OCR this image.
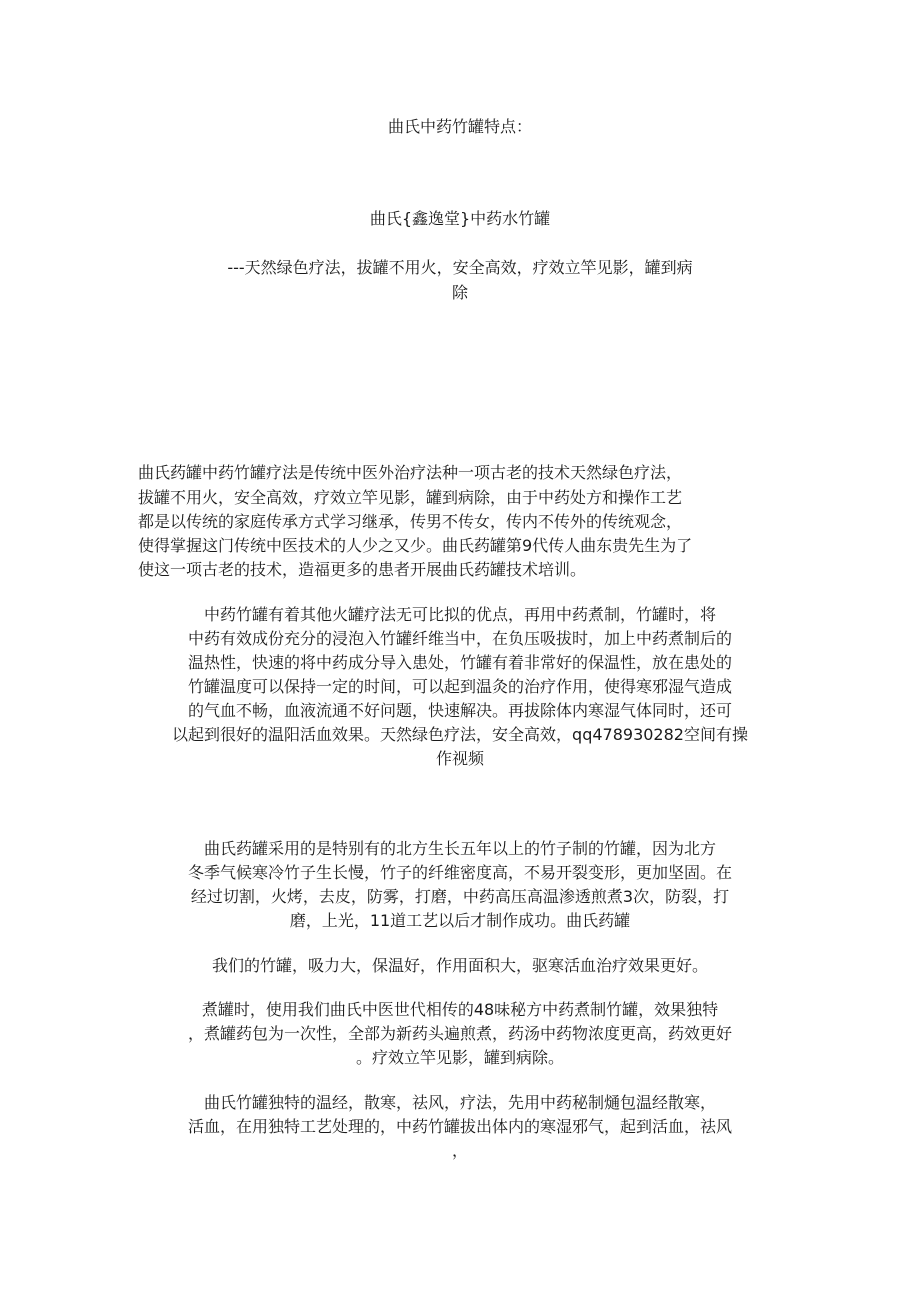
曲氏中药竹罐特点：

曲氏{鑫逸堂}中药水竹罐

---天然绿色疗法，拔罐不用火，安全高效，疗效立竿见影，罐到病

除

曲氏药罐中药竹罐疗法是传统中医外治疗法种一项古老的技术天然绿色疗法，

拔罐不用火，安全高效，疗效立竿见影，罐到病除，由于中药处方和操作工艺

都是以传统的家庭传承方式学习继承，传男不传女，传内不传外的传统观念，

使得掌握这门传统中医技术的人少之又少。曲氏药罐第9代传人曲东贵先生为了

使这一项古老的技术，造福更多的患者开展曲氏药罐技术培训。

中药竹罐有着其他火罐疗法无可比拟的优点，再用中药煮制，竹罐时，将

中药有效成份充分的浸泡入竹罐纤维当中，在负压吸拔时，加上中药煮制后的

温热性，快速的将中药成分导入患处，竹罐有着非常好的保温性，放在患处的

竹罐温度可以保持一定的时间，可以起到温灸的治疗作用，使得寒邪湿气造成

的气血不畅，血液流通不好问题，快速解决。再拔除体内寒湿气体同时，还可

以起到很好的温阳活血效果。天然绿色疗法，安全高效，qq478930282空间有操

作视频

曲氏药罐采用的是特别有的北方生长五年以上的竹子制的竹罐，因为北方

冬季气候寒冷竹子生长慢，竹子的纤维密度高，不易开裂变形，更加坚固。在

经过切割，火烤，去皮，防雾，打磨，中药高压高温渗透煎煮3次，防裂，打

磨，上光，11道工艺以后才制作成功。曲氏药罐

我们的竹罐，吸力大，保温好，作用面积大，驱寒活血治疗效果更好。

煮罐时，使用我们曲氏中医世代相传的48味秘方中药煮制竹罐，效果独特

，煮罐药包为一次性，全部为新药头遍煎煮，药汤中药物浓度更高，药效更好

。疗效立竿见影，罐到病除。

曲氏竹罐独特的温经，散寒，祛风，疗法，先用中药秘制熥包温经散寒，

活血，在用独特工艺处理的，中药竹罐拔出体内的寒湿邪气，起到活血，祛风

，
